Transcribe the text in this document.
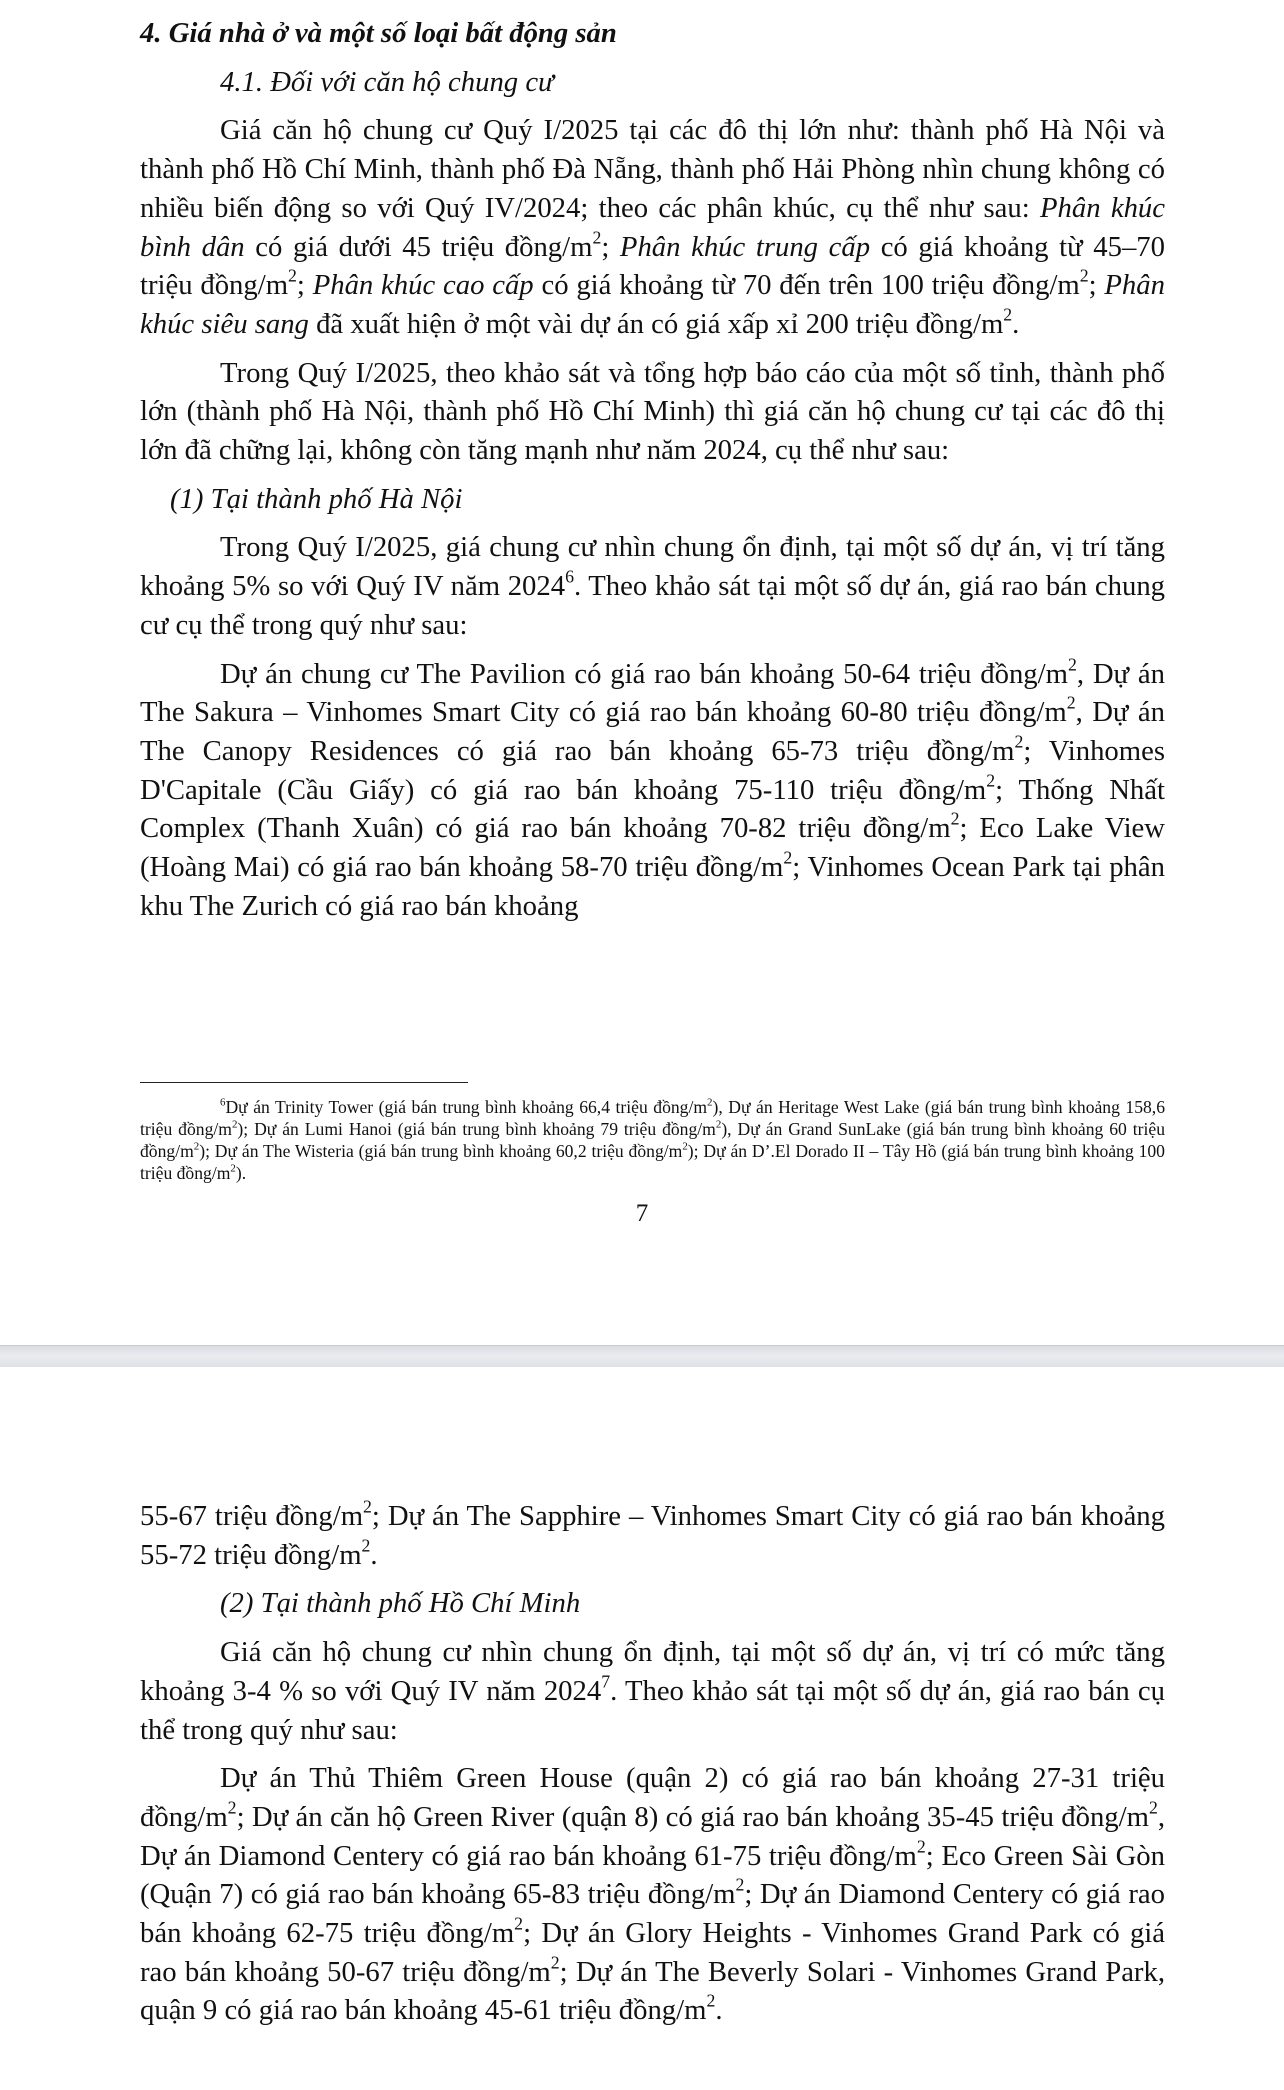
4. Giá nhà ở và một số loại bất động sản

4.1. Đối với căn hộ chung cư

Giá căn hộ chung cư Quý I/2025 tại các đô thị lớn như: thành phố Hà Nội và thành phố Hồ Chí Minh, thành phố Đà Nẵng, thành phố Hải Phòng nhìn chung không có nhiều biến động so với Quý IV/2024; theo các phân khúc, cụ thể như sau: Phân khúc bình dân có giá dưới 45 triệu đồng/$m^2$; Phân khúc trung cấp có giá khoảng từ 45–70 triệu đồng/$m^2$; Phân khúc cao cấp có giá khoảng từ 70 đến trên 100 triệu đồng/$m^2$; Phân khúc siêu sang đã xuất hiện ở một vài dự án có giá xấp xỉ 200 triệu đồng/$m^2$.

Trong Quý I/2025, theo khảo sát và tổng hợp báo cáo của một số tỉnh, thành phố lớn (thành phố Hà Nội, thành phố Hồ Chí Minh) thì giá căn hộ chung cư tại các đô thị lớn đã chững lại, không còn tăng mạnh như năm 2024, cụ thể như sau:

(1) Tại thành phố Hà Nội

Trong Quý I/2025, giá chung cư nhìn chung ổn định, tại một số dự án, vị trí tăng khoảng 5% so với Quý IV năm 2024$^6$. Theo khảo sát tại một số dự án, giá rao bán chung cư cụ thể trong quý như sau:

Dự án chung cư The Pavilion có giá rao bán khoảng 50-64 triệu đồng/$m^2$, Dự án The Sakura – Vinhomes Smart City có giá rao bán khoảng 60-80 triệu đồng/$m^2$, Dự án The Canopy Residences có giá rao bán khoảng 65-73 triệu đồng/$m^2$; Vinhomes D'Capitale (Cầu Giấy) có giá rao bán khoảng 75-110 triệu đồng/$m^2$; Thống Nhất Complex (Thanh Xuân) có giá rao bán khoảng 70-82 triệu đồng/$m^2$; Eco Lake View (Hoàng Mai) có giá rao bán khoảng 58-70 triệu đồng/$m^2$; Vinhomes Ocean Park tại phân khu The Zurich có giá rao bán khoảng

$^6$Dự án Trinity Tower (giá bán trung bình khoảng 66,4 triệu đồng/$m^2$), Dự án Heritage West Lake (giá bán trung bình khoảng 158,6 triệu đồng/$m^2$); Dự án Lumi Hanoi (giá bán trung bình khoảng 79 triệu đồng/$m^2$), Dự án Grand SunLake (giá bán trung bình khoảng 60 triệu đồng/$m^2$); Dự án The Wisteria (giá bán trung bình khoảng 60,2 triệu đồng/$m^2$); Dự án D’.El Dorado II – Tây Hồ (giá bán trung bình khoảng 100 triệu đồng/$m^2$).
7

55-67 triệu đồng/$m^2$; Dự án The Sapphire – Vinhomes Smart City có giá rao bán khoảng 55-72 triệu đồng/$m^2$.

(2) Tại thành phố Hồ Chí Minh

Giá căn hộ chung cư nhìn chung ổn định, tại một số dự án, vị trí có mức tăng khoảng 3-4 % so với Quý IV năm 2024$^7$. Theo khảo sát tại một số dự án, giá rao bán cụ thể trong quý như sau:

Dự án Thủ Thiêm Green House (quận 2) có giá rao bán khoảng 27-31 triệu đồng/$m^2$; Dự án căn hộ Green River (quận 8) có giá rao bán khoảng 35-45 triệu đồng/$m^2$, Dự án Diamond Centery có giá rao bán khoảng 61-75 triệu đồng/$m^2$; Eco Green Sài Gòn (Quận 7) có giá rao bán khoảng 65-83 triệu đồng/$m^2$; Dự án Diamond Centery có giá rao bán khoảng 62-75 triệu đồng/$m^2$; Dự án Glory Heights - Vinhomes Grand Park có giá rao bán khoảng 50-67 triệu đồng/$m^2$; Dự án The Beverly Solari - Vinhomes Grand Park, quận 9 có giá rao bán khoảng 45-61 triệu đồng/$m^2$.
